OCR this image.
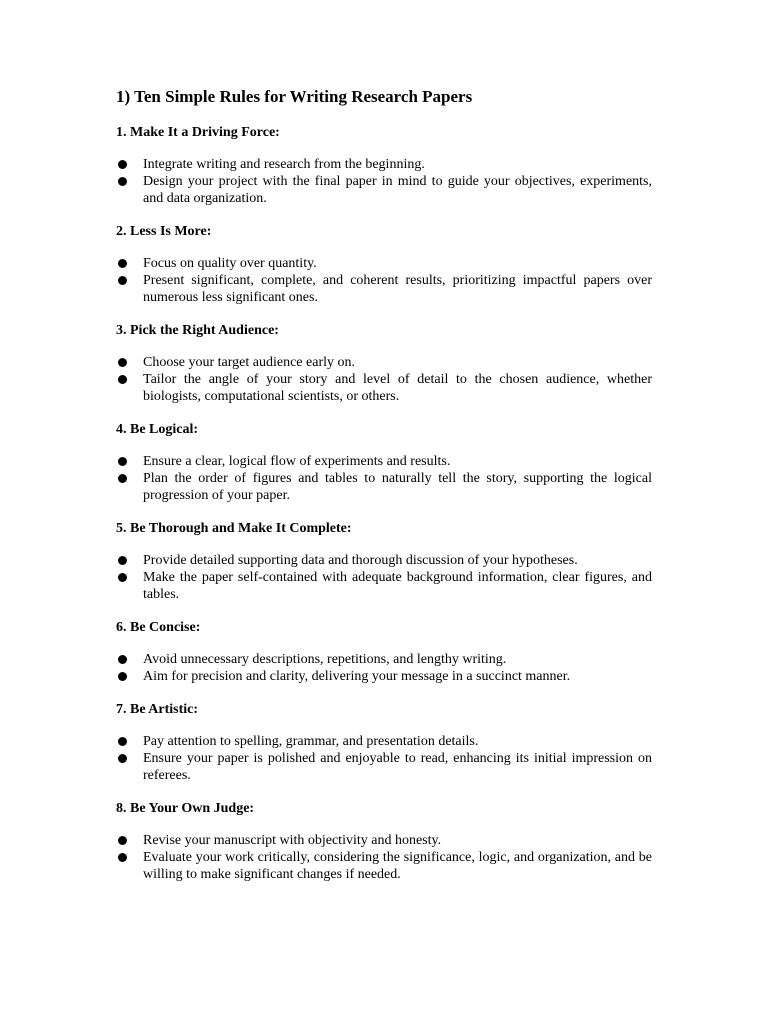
1) Ten Simple Rules for Writing Research Papers
1. Make It a Driving Force:
Integrate writing and research from the beginning.
Design your project with the final paper in mind to guide your objectives, experiments, and data organization.
2. Less Is More:
Focus on quality over quantity.
Present significant, complete, and coherent results, prioritizing impactful papers over numerous less significant ones.
3. Pick the Right Audience:
Choose your target audience early on.
Tailor the angle of your story and level of detail to the chosen audience, whether biologists, computational scientists, or others.
4. Be Logical:
Ensure a clear, logical flow of experiments and results.
Plan the order of figures and tables to naturally tell the story, supporting the logical progression of your paper.
5. Be Thorough and Make It Complete:
Provide detailed supporting data and thorough discussion of your hypotheses.
Make the paper self-contained with adequate background information, clear figures, and tables.
6. Be Concise:
Avoid unnecessary descriptions, repetitions, and lengthy writing.
Aim for precision and clarity, delivering your message in a succinct manner.
7. Be Artistic:
Pay attention to spelling, grammar, and presentation details.
Ensure your paper is polished and enjoyable to read, enhancing its initial impression on referees.
8. Be Your Own Judge:
Revise your manuscript with objectivity and honesty.
Evaluate your work critically, considering the significance, logic, and organization, and be willing to make significant changes if needed.
